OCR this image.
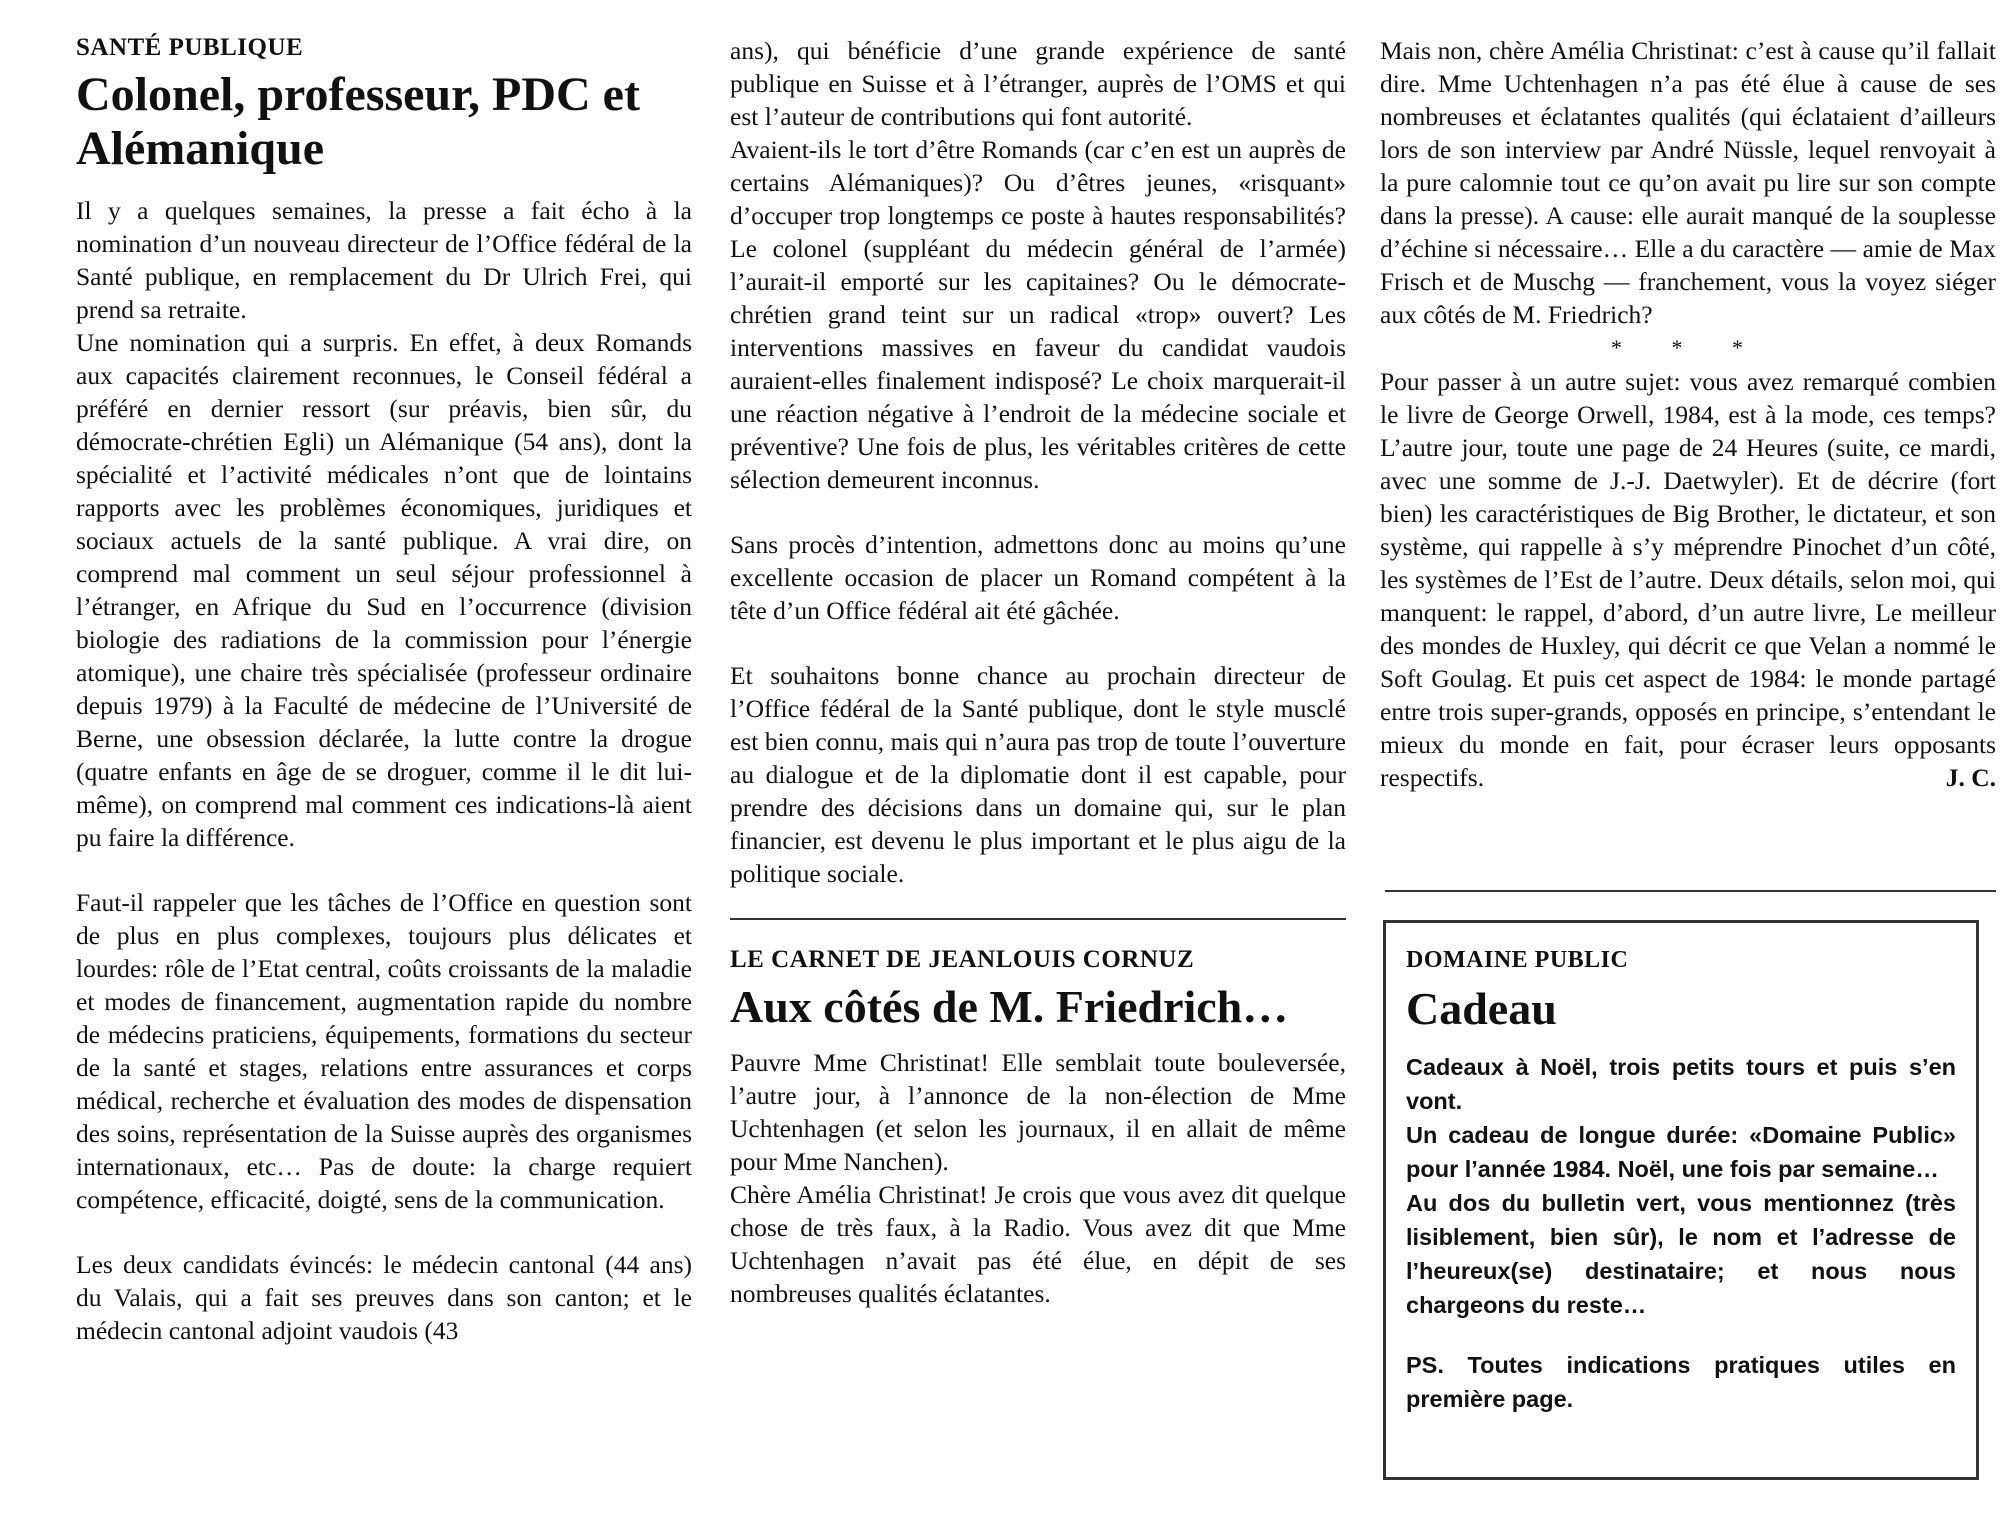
SANTÉ PUBLIQUE
Colonel, professeur, PDC et Alémanique

Il y a quelques semaines, la presse a fait écho à la nomination d’un nouveau directeur de l’Office fédéral de la Santé publique, en remplacement du Dr Ulrich Frei, qui prend sa retraite.

Une nomination qui a surpris. En effet, à deux Romands aux capacités clairement reconnues, le Conseil fédéral a préféré en dernier ressort (sur préavis, bien sûr, du démocrate-chrétien Egli) un Alémanique (54 ans), dont la spécialité et l’activité médicales n’ont que de lointains rapports avec les problèmes économiques, juridiques et sociaux actuels de la santé publique. A vrai dire, on comprend mal comment un seul séjour professionnel à l’étranger, en Afrique du Sud en l’occurrence (division biologie des radiations de la commission pour l’énergie atomique), une chaire très spécialisée (professeur ordinaire depuis 1979) à la Faculté de médecine de l’Université de Berne, une obsession déclarée, la lutte contre la drogue (quatre enfants en âge de se droguer, comme il le dit lui-même), on comprend mal comment ces indications-là aient pu faire la différence.

Faut-il rappeler que les tâches de l’Office en question sont de plus en plus complexes, toujours plus délicates et lourdes: rôle de l’Etat central, coûts croissants de la maladie et modes de financement, augmentation rapide du nombre de médecins praticiens, équipements, formations du secteur de la santé et stages, relations entre assurances et corps médical, recherche et évaluation des modes de dispensation des soins, représentation de la Suisse auprès des organismes internationaux, etc… Pas de doute: la charge requiert compétence, efficacité, doigté, sens de la communication.

Les deux candidats évincés: le médecin cantonal (44 ans) du Valais, qui a fait ses preuves dans son canton; et le médecin cantonal adjoint vaudois (43

ans), qui bénéficie d’une grande expérience de santé publique en Suisse et à l’étranger, auprès de l’OMS et qui est l’auteur de contributions qui font autorité.

Avaient-ils le tort d’être Romands (car c’en est un auprès de certains Alémaniques)? Ou d’êtres jeunes, «risquant» d’occuper trop longtemps ce poste à hautes responsabilités? Le colonel (suppléant du médecin général de l’armée) l’aurait-il emporté sur les capitaines? Ou le démocrate-chrétien grand teint sur un radical «trop» ouvert? Les interventions massives en faveur du candidat vaudois auraient-elles finalement indisposé? Le choix marquerait-il une réaction négative à l’endroit de la médecine sociale et préventive? Une fois de plus, les véritables critères de cette sélection demeurent inconnus.

Sans procès d’intention, admettons donc au moins qu’une excellente occasion de placer un Romand compétent à la tête d’un Office fédéral ait été gâchée.

Et souhaitons bonne chance au prochain directeur de l’Office fédéral de la Santé publique, dont le style musclé est bien connu, mais qui n’aura pas trop de toute l’ouverture au dialogue et de la diplomatie dont il est capable, pour prendre des décisions dans un domaine qui, sur le plan financier, est devenu le plus important et le plus aigu de la politique sociale.

LE CARNET DE JEANLOUIS CORNUZ
Aux côtés de M. Friedrich…

Pauvre Mme Christinat! Elle semblait toute bouleversée, l’autre jour, à l’annonce de la non-élection de Mme Uchtenhagen (et selon les journaux, il en allait de même pour Mme Nanchen).

Chère Amélia Christinat! Je crois que vous avez dit quelque chose de très faux, à la Radio. Vous avez dit que Mme Uchtenhagen n’avait pas été élue, en dépit de ses nombreuses qualités éclatantes.

Mais non, chère Amélia Christinat: c’est à cause qu’il fallait dire. Mme Uchtenhagen n’a pas été élue à cause de ses nombreuses et éclatantes qualités (qui éclataient d’ailleurs lors de son interview par André Nüssle, lequel renvoyait à la pure calomnie tout ce qu’on avait pu lire sur son compte dans la presse). A cause: elle aurait manqué de la souplesse d’échine si nécessaire… Elle a du caractère — amie de Max Frisch et de Muschg — franchement, vous la voyez siéger aux côtés de M. Friedrich?

* * *

Pour passer à un autre sujet: vous avez remarqué combien le livre de George Orwell, 1984, est à la mode, ces temps? L’autre jour, toute une page de 24 Heures (suite, ce mardi, avec une somme de J.-J. Daetwyler). Et de décrire (fort bien) les caractéristiques de Big Brother, le dictateur, et son système, qui rappelle à s’y méprendre Pinochet d’un côté, les systèmes de l’Est de l’autre. Deux détails, selon moi, qui manquent: le rappel, d’abord, d’un autre livre, Le meilleur des mondes de Huxley, qui décrit ce que Velan a nommé le Soft Goulag. Et puis cet aspect de 1984: le monde partagé entre trois super-grands, opposés en principe, s’entendant le mieux du monde en fait, pour écraser leurs opposants respectifs.	J. C.

DOMAINE PUBLIC
Cadeau

Cadeaux à Noël, trois petits tours et puis s’en vont.

Un cadeau de longue durée: «Domaine Public» pour l’année 1984. Noël, une fois par semaine…

Au dos du bulletin vert, vous mentionnez (très lisiblement, bien sûr), le nom et l’adresse de l’heureux(se) destinataire; et nous nous chargeons du reste…

PS. Toutes indications pratiques utiles en première page.
